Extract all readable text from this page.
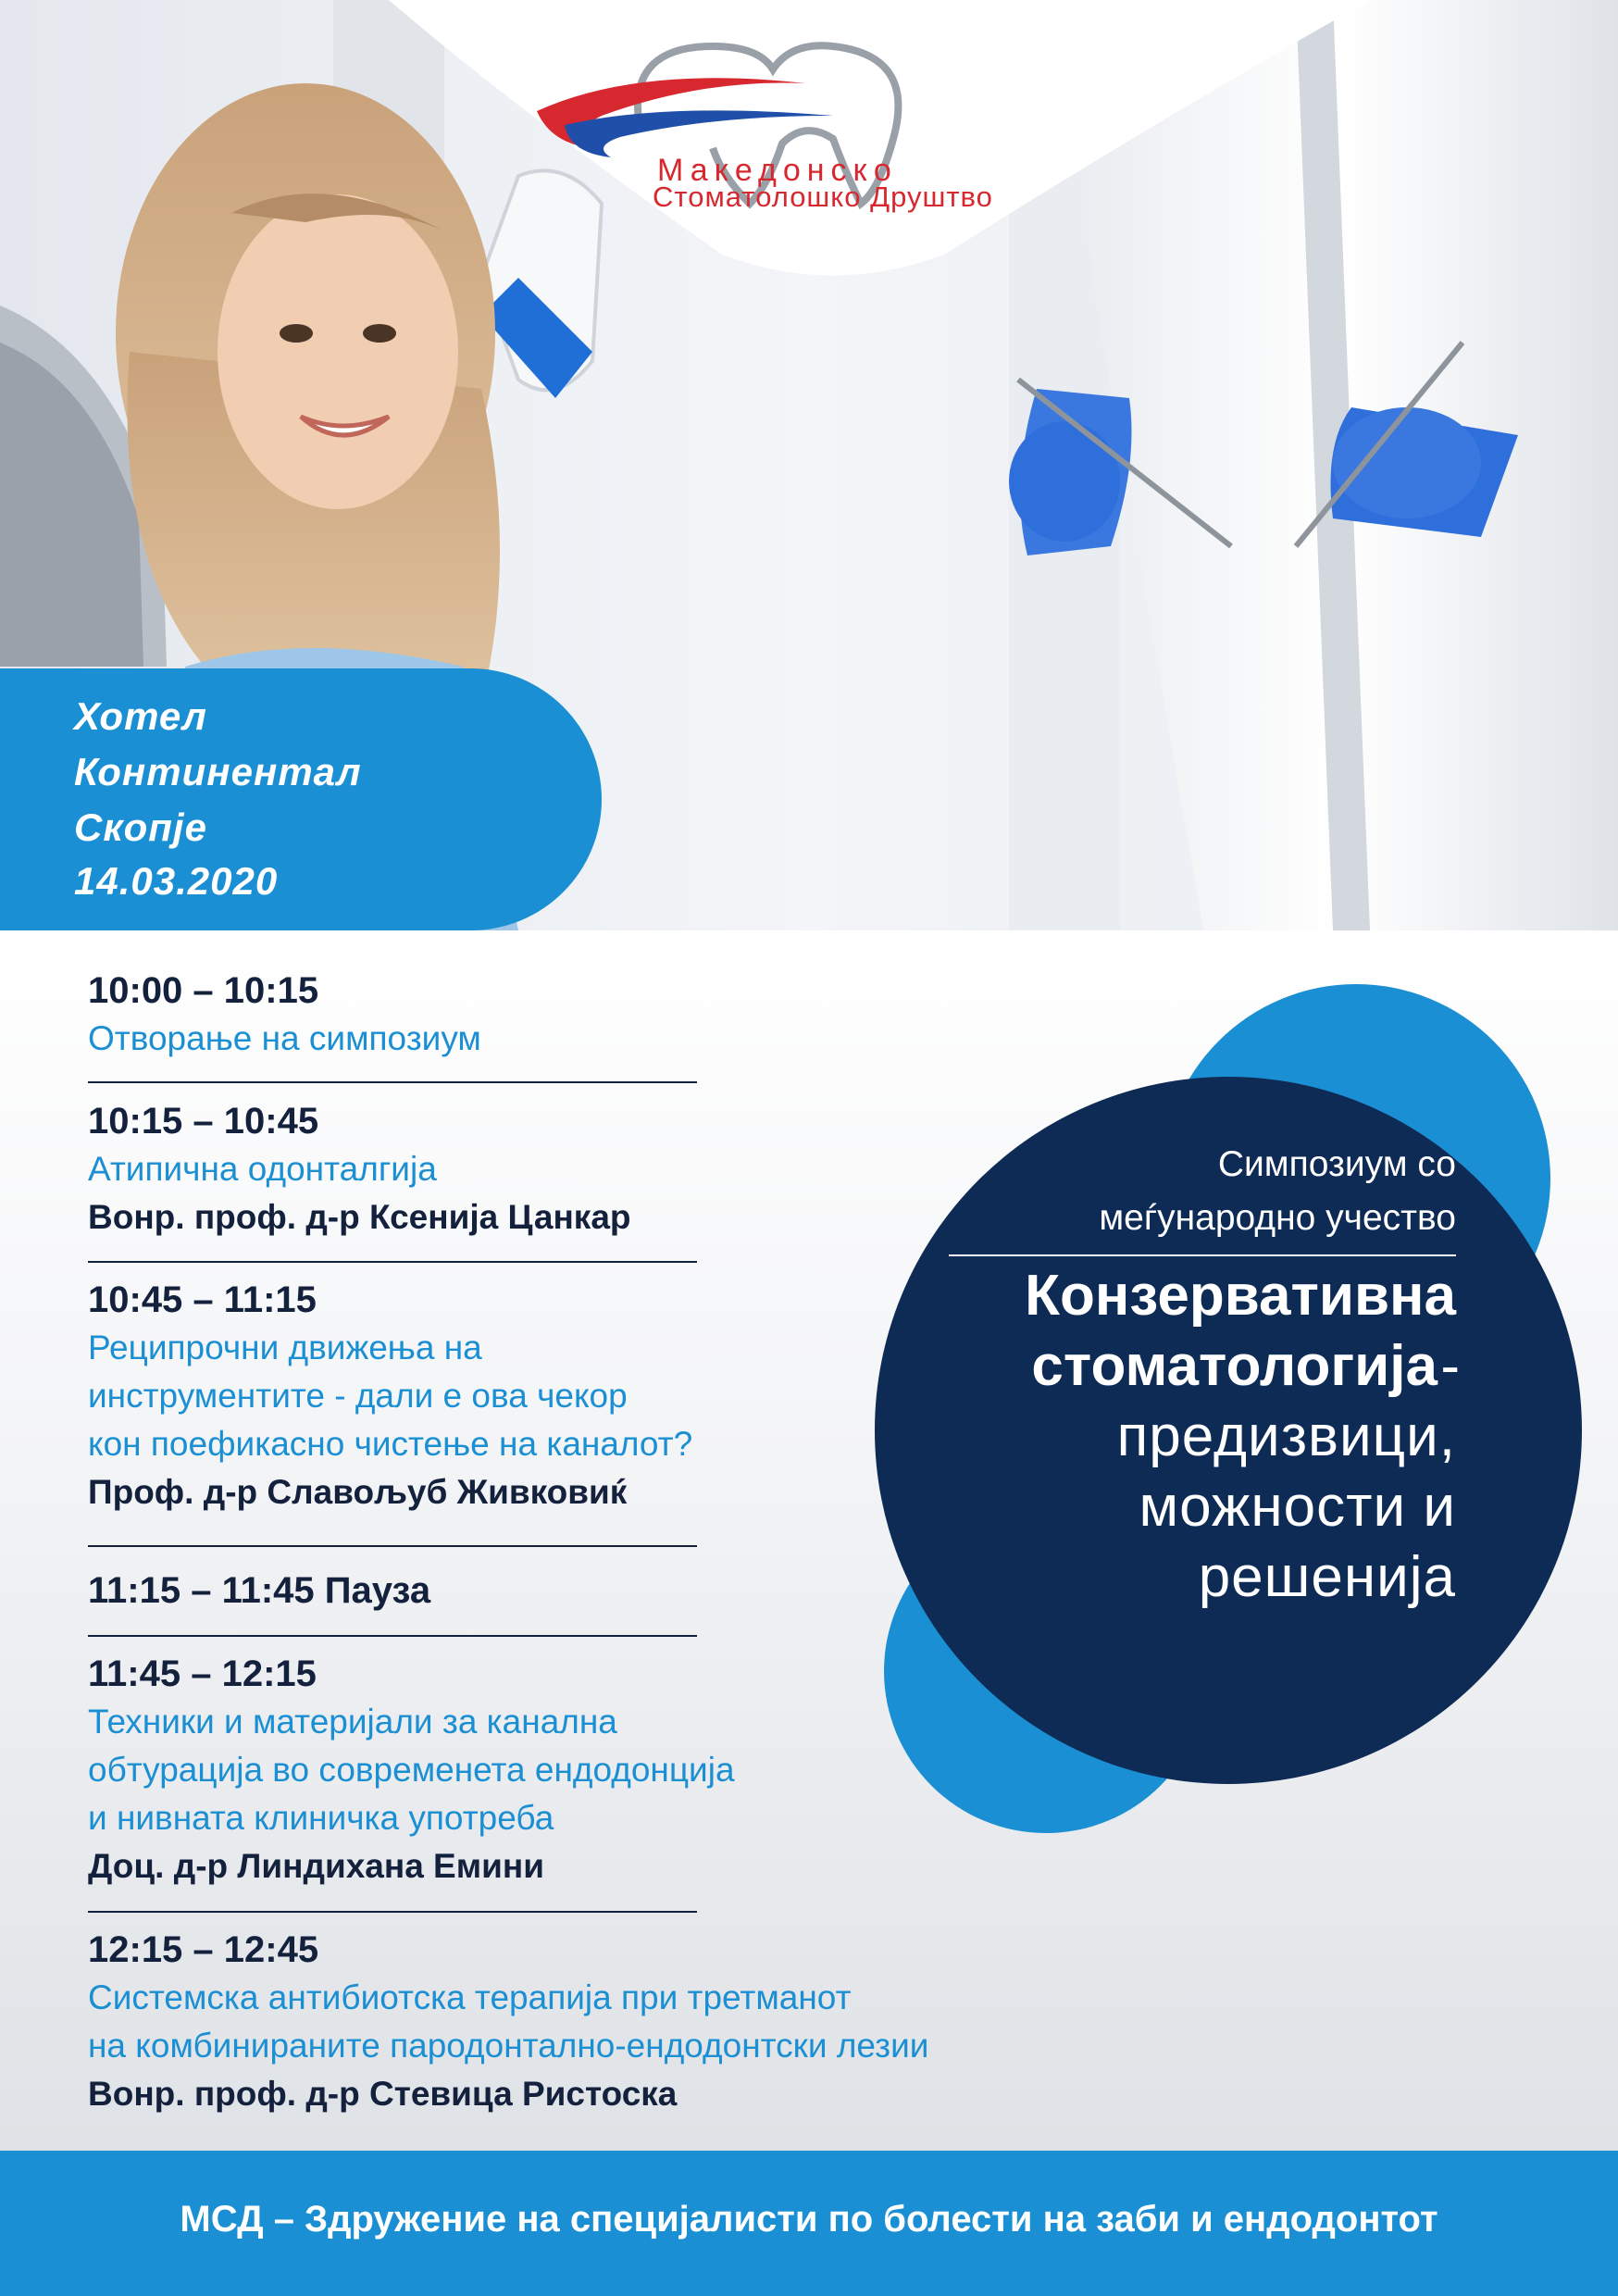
Македонско
Стоматолошко Друштво
Хотел
Континентал
Скопје
14.03.2020
10:00 – 10:15
Отворање на симпозиум
10:15 – 10:45
Атипична одонталгија
Вонр. проф. д-р Ксенија Цанкар
10:45 – 11:15
Реципрочни движења на
инструментите - дали е ова чекор
кон поефикасно чистење на каналот?
Проф. д-р Славољуб Живковиќ
11:15 – 11:45 Пауза
11:45 – 12:15
Техники и материјали за канална
обтурација во современета ендодонција
и нивната клиничка употреба
Доц. д-р Линдихана Емини
12:15 – 12:45
Системска антибиотска терапија при третманот
на комбинираните пародонтално-ендодонтски лезии
Вонр. проф. д-р Стевица Ристоска
Симпозиум со
меѓународно учество
Конзервативна
стоматологија -
предизвици,
можности и
решенија
МСД – Здружение на специјалисти по болести на заби и ендодонтот
